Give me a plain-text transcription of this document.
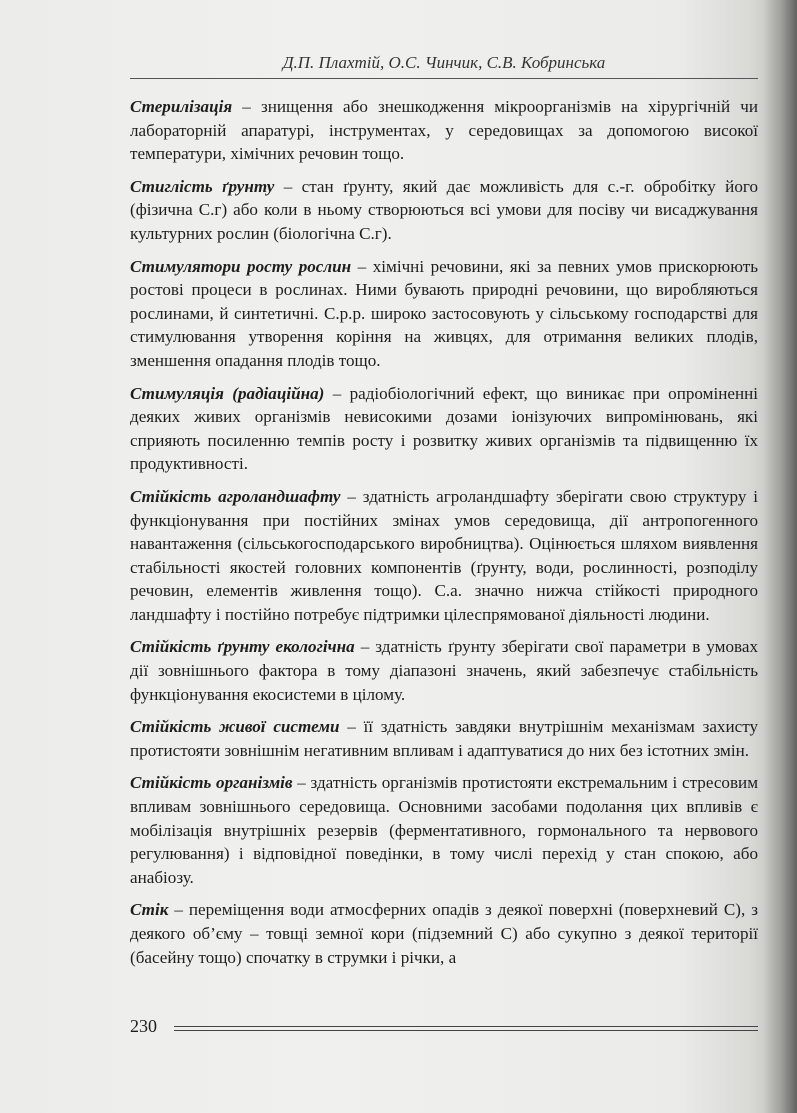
Д.П. Плахтій, О.С. Чинчик, С.В. Кобринська

Стерилізація – знищення або знешкодження мікроорганізмів на хірургічній чи лабораторній апаратурі, інструментах, у середовищах за допомогою високої температури, хімічних речовин тощо.

Стиглість ґрунту – стан ґрунту, який дає можливість для с.-г. обробітку його (фізична С.г) або коли в ньому створюються всі умови для посіву чи висаджування культурних рослин (біологічна С.г).

Стимулятори росту рослин – хімічні речовини, які за певних умов прискорюють ростові процеси в рослинах. Ними бувають природні речовини, що виробляються рослинами, й синтетичні. С.р.р. широко застосовують у сільському господарстві для стимулювання утворення коріння на живцях, для отримання великих плодів, зменшення опадання плодів тощо.

Стимуляція (радіаційна) – радіобіологічний ефект, що виникає при опроміненні деяких живих організмів невисокими дозами іонізуючих випромінювань, які сприяють посиленню темпів росту і розвитку живих організмів та підвищенню їх продуктивності.

Стійкість агроландшафту – здатність агроландшафту зберігати свою структуру і функціонування при постійних змінах умов середовища, дії антропогенного навантаження (сільськогосподарського виробництва). Оцінюється шляхом виявлення стабільності якостей головних компонентів (ґрунту, води, рослинності, розподілу речовин, елементів живлення тощо). С.а. значно нижча стійкості природного ландшафту і постійно потребує підтримки цілеспрямованої діяльності людини.

Стійкість ґрунту екологічна – здатність ґрунту зберігати свої параметри в умовах дії зовнішнього фактора в тому діапазоні значень, який забезпечує стабільність функціонування екосистеми в цілому.

Стійкість живої системи – її здатність завдяки внутрішнім механізмам захисту протистояти зовнішнім негативним впливам і адаптуватися до них без істотних змін.

Стійкість організмів – здатність організмів протистояти екстремальним і стресовим впливам зовнішнього середовища. Основними засобами подолання цих впливів є мобілізація внутрішніх резервів (ферментативного, гормонального та нервового регулювання) і відповідної поведінки, в тому числі перехід у стан спокою, або анабіозу.

Стік – переміщення води атмосферних опадів з деякої поверхні (поверхневий С), з деякого об’єму – товщі земної кори (підземний С) або сукупно з деякої території (басейну тощо) спочатку в струмки і річки, а

230
